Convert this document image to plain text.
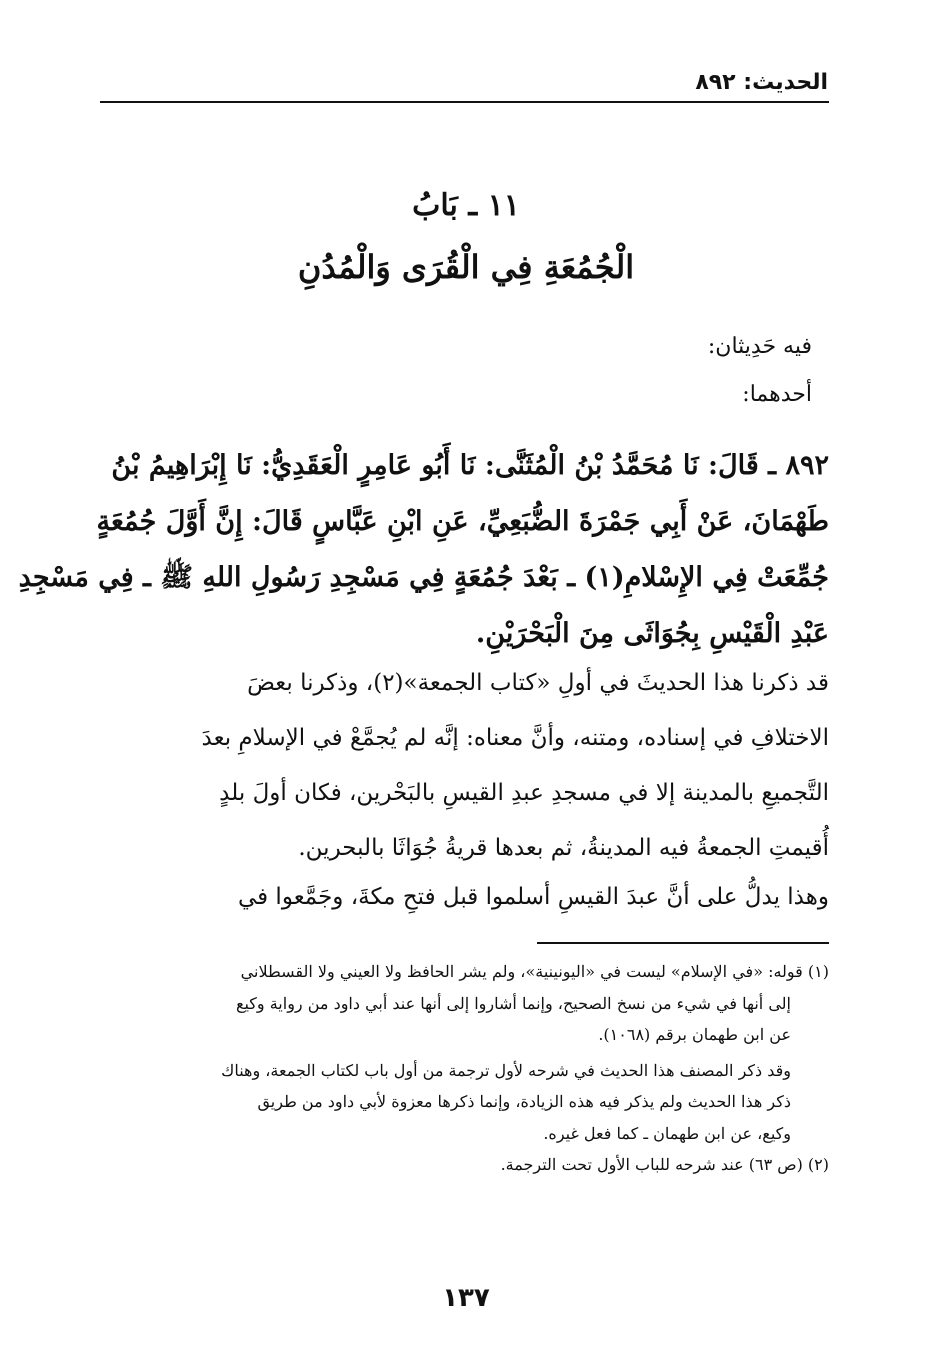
الحديث: ٨٩٢
١١ ـ بَابُ
الْجُمُعَةِ فِي الْقُرَى وَالْمُدُنِ
فيه حَدِيثان:
أحدهما:
٨٩٢ ـ قَالَ: نَا مُحَمَّدُ بْنُ الْمُثَنَّى: نَا أَبُو عَامِرٍ الْعَقَدِيُّ: نَا إِبْرَاهِيمُ بْنُ
طَهْمَانَ، عَنْ أَبِي جَمْرَةَ الضُّبَعِيِّ، عَنِ ابْنِ عَبَّاسٍ قَالَ: إِنَّ أَوَّلَ جُمُعَةٍ
جُمِّعَتْ فِي الإِسْلامِ(١) ـ بَعْدَ جُمُعَةٍ فِي مَسْجِدِ رَسُولِ اللهِ ﷺ ـ فِي مَسْجِدِ
عَبْدِ الْقَيْسِ بِجُوَاثَى مِنَ الْبَحْرَيْنِ.
قد ذكرنا هذا الحديثَ في أولِ «كتاب الجمعة»(٢)، وذكرنا بعضَ
الاختلافِ في إسناده، ومتنه، وأنَّ معناه: إنَّه لم يُجمَّعْ في الإسلامِ بعدَ
التَّجميعِ بالمدينة إلا في مسجدِ عبدِ القيسِ بالبَحْرين، فكان أولَ بلدٍ
أُقيمتِ الجمعةُ فيه المدينةُ، ثم بعدها قريةُ جُوَاثَا بالبحرين.
وهذا يدلُّ على أنَّ عبدَ القيسِ أسلموا قبل فتحِ مكةَ، وجَمَّعوا في
(١) قوله: «في الإسلام» ليست في «اليونينية»، ولم يشر الحافظ ولا العيني ولا القسطلاني
إلى أنها في شيء من نسخ الصحيح، وإنما أشاروا إلى أنها عند أبي داود من رواية وكيع
عن ابن طهمان برقم (١٠٦٨).
وقد ذكر المصنف هذا الحديث في شرحه لأول ترجمة من أول باب لكتاب الجمعة، وهناك
ذكر هذا الحديث ولم يذكر فيه هذه الزيادة، وإنما ذكرها معزوة لأبي داود من طريق
وكيع، عن ابن طهمان ـ كما فعل غيره.
(٢) (ص ٦٣) عند شرحه للباب الأول تحت الترجمة.
١٣٧
